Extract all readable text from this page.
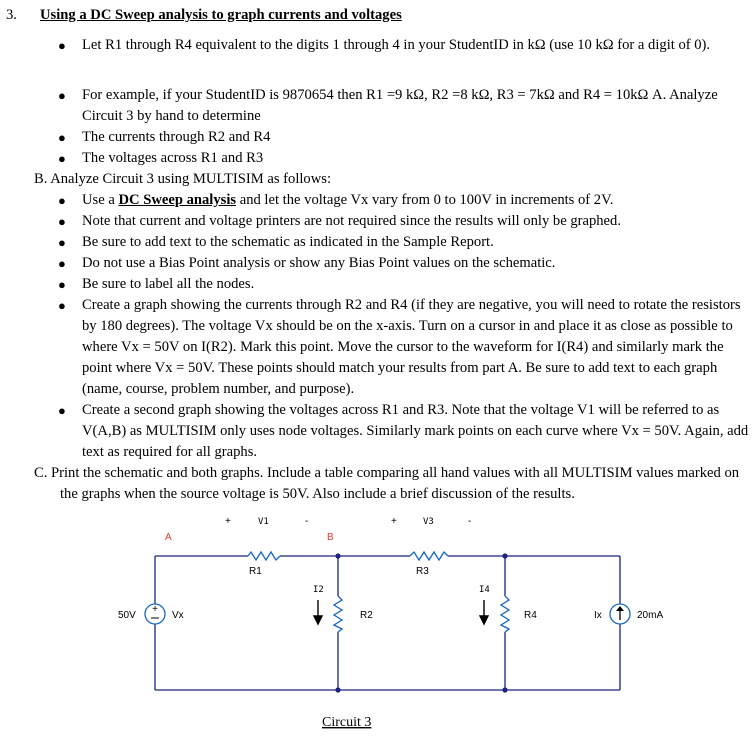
3. Using a DC Sweep analysis to graph currents and voltages
●	Let R1 through R4 equivalent to the digits 1 through 4 in your StudentID in kΩ (use 10 kΩ for a digit of 0).
●	For example, if your StudentID is 9870654 then R1 =9 kΩ, R2 =8 kΩ, R3 = 7kΩ and R4 = 10kΩ A. Analyze Circuit 3 by hand to determine
●	The currents through R2 and R4
●	The voltages across R1 and R3
B. Analyze Circuit 3 using MULTISIM as follows:
●	Use a DC Sweep analysis and let the voltage Vx vary from 0 to 100V in increments of 2V.
●	Note that current and voltage printers are not required since the results will only be graphed.
●	Be sure to add text to the schematic as indicated in the Sample Report.
●	Do not use a Bias Point analysis or show any Bias Point values on the schematic.
●	Be sure to label all the nodes.
●	Create a graph showing the currents through R2 and R4 (if they are negative, you will need to rotate the resistors by 180 degrees). The voltage Vx should be on the x-axis. Turn on a cursor in and place it as close as possible to where Vx = 50V on I(R2). Mark this point. Move the cursor to the waveform for I(R4) and similarly mark the point where Vx = 50V. These points should match your results from part A. Be sure to add text to each graph (name, course, problem number, and purpose).
●	Create a second graph showing the voltages across R1 and R3. Note that the voltage V1 will be referred to as V(A,B) as MULTISIM only uses node voltages. Similarly mark points on each curve where Vx = 50V. Again, add text as required for all graphs.
C. Print the schematic and both graphs. Include a table comparing all hand values with all MULTISIM values marked on the graphs when the source voltage is 50V. Also include a brief discussion of the results.
+
A	B
+	V1	-	+	V3	-
R1	R3
R2	R4
I2	I4
50V	Vx	Ix	20mA
Circuit 3
